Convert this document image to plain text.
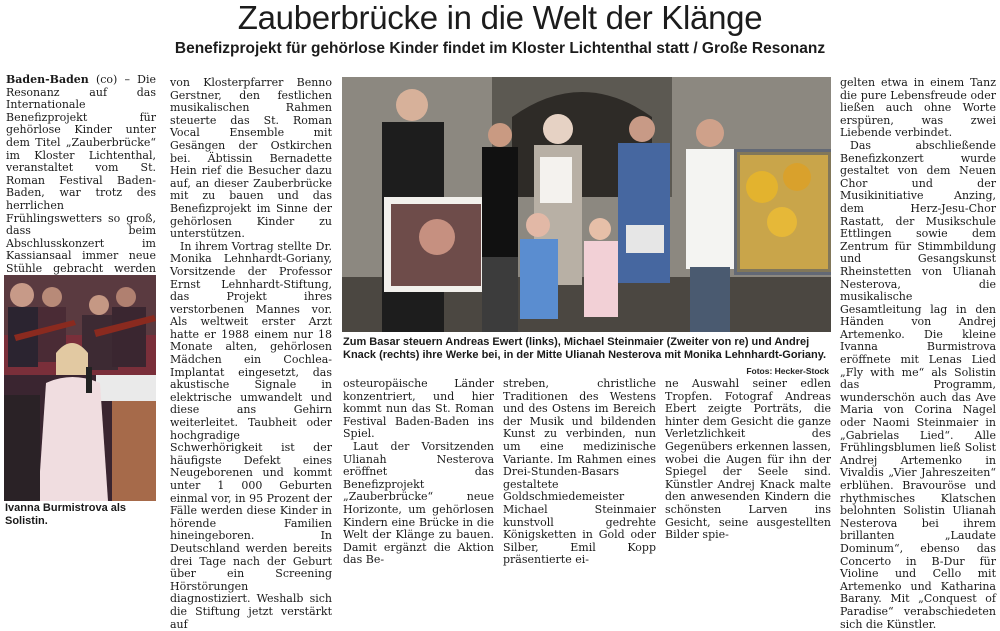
Zauberbrücke in die Welt der Klänge
Benefizprojekt für gehörlose Kinder findet im Kloster Lichtenthal statt / Große Resonanz

Baden-Baden (co) – Die Resonanz auf das Internationale Benefizprojekt für gehörlose Kinder unter dem Titel „Zauberbrücke“ im Kloster Lichtenthal, veranstaltet vom St. Roman Festival Baden-Baden, war trotz des herrlichen Frühlingswetters so groß, dass beim Abschlusskonzert im Kassiansaal immer neue Stühle gebracht werden

Ivanna Burmistrova als Solistin.

von Klosterpfarrer Benno Gerstner, den festlichen musikalischen Rahmen steuerte das St. Roman Vocal Ensemble mit Gesängen der Ostkirchen bei. Äbtissin Bernadette Hein rief die Besucher dazu auf, an dieser Zauberbrücke mit zu bauen und das Benefizprojekt im Sinne der gehörlosen Kinder zu unterstützen.

In ihrem Vortrag stellte Dr. Monika Lehnhardt-Goriany, Vorsitzende der Professor Ernst Lehnhardt-Stiftung, das Projekt ihres verstorbenen Mannes vor. Als weltweit erster Arzt hatte er 1988 einem nur 18 Monate alten, gehörlosen Mädchen ein Cochlea-Implantat eingesetzt, das akustische Signale in elektrische umwandelt und diese ans Gehirn weiterleitet. Taubheit oder hochgradige Schwerhörigkeit ist der häufigste Defekt eines Neugeborenen und kommt unter 1 000 Geburten einmal vor, in 95 Prozent der Fälle werden diese Kinder in hörende Familien hineingeboren. In Deutschland werden bereits drei Tage nach der Geburt über ein Screening Hörstörungen diagnostiziert. Weshalb sich die Stiftung jetzt verstärkt auf

Zum Basar steuern Andreas Ewert (links), Michael Steinmaier (Zweiter von re) und Andrej Knack (rechts) ihre Werke bei, in der Mitte Ulianah Nesterova mit Monika Lehnhardt-Goriany.
Fotos: Hecker-Stock

osteuropäische Länder konzentriert, und hier kommt nun das St. Roman Festival Baden-Baden ins Spiel.

Laut der Vorsitzenden Ulianah Nesterova eröffnet das Benefizprojekt „Zauberbrücke“ neue Horizonte, um gehörlosen Kindern eine Brücke in die Welt der Klänge zu bauen. Damit ergänzt die Aktion das Be-

streben, christliche Traditionen des Westens und des Ostens im Bereich der Musik und bildenden Kunst zu verbinden, nun um eine medizinische Variante. Im Rahmen eines Drei-Stunden-Basars gestaltete Goldschmiedemeister Michael Steinmaier kunstvoll gedrehte Königsketten in Gold oder Silber, Emil Kopp präsentierte ei-

ne Auswahl seiner edlen Tropfen. Fotograf Andreas Ebert zeigte Porträts, die hinter dem Gesicht die ganze Verletzlichkeit des Gegenübers erkennen lassen, wobei die Augen für ihn der Spiegel der Seele sind. Künstler Andrej Knack malte den anwesenden Kindern die schönsten Larven ins Gesicht, seine ausgestellten Bilder spie-

gelten etwa in einem Tanz die pure Lebensfreude oder ließen auch ohne Worte erspüren, was zwei Liebende verbindet.

Das abschließende Benefizkonzert wurde gestaltet von dem Neuen Chor und der Musikinitiative Anzing, dem Herz-Jesu-Chor Rastatt, der Musikschule Ettlingen sowie dem Zentrum für Stimmbildung und Gesangskunst Rheinstetten von Ulianah Nesterova, die musikalische Gesamtleitung lag in den Händen von Andrej Artemenko. Die kleine Ivanna Burmistrova eröffnete mit Lenas Lied „Fly with me“ als Solistin das Programm, wunderschön auch das Ave Maria von Corina Nagel oder Naomi Steinmaier in „Gabrielas Lied“. Alle Frühlingsblumen ließ Solist Andrej Artemenko in Vivaldis „Vier Jahreszeiten“ erblühen. Bravouröse und rhythmisches Klatschen belohnten Solistin Ulianah Nesterova bei ihrem brillanten „Laudate Dominum“, ebenso das Concerto in B-Dur für Violine und Cello mit Artemenko und Katharina Barany. Mit „Conquest of Paradise“ verabschiedeten sich die Künstler.
